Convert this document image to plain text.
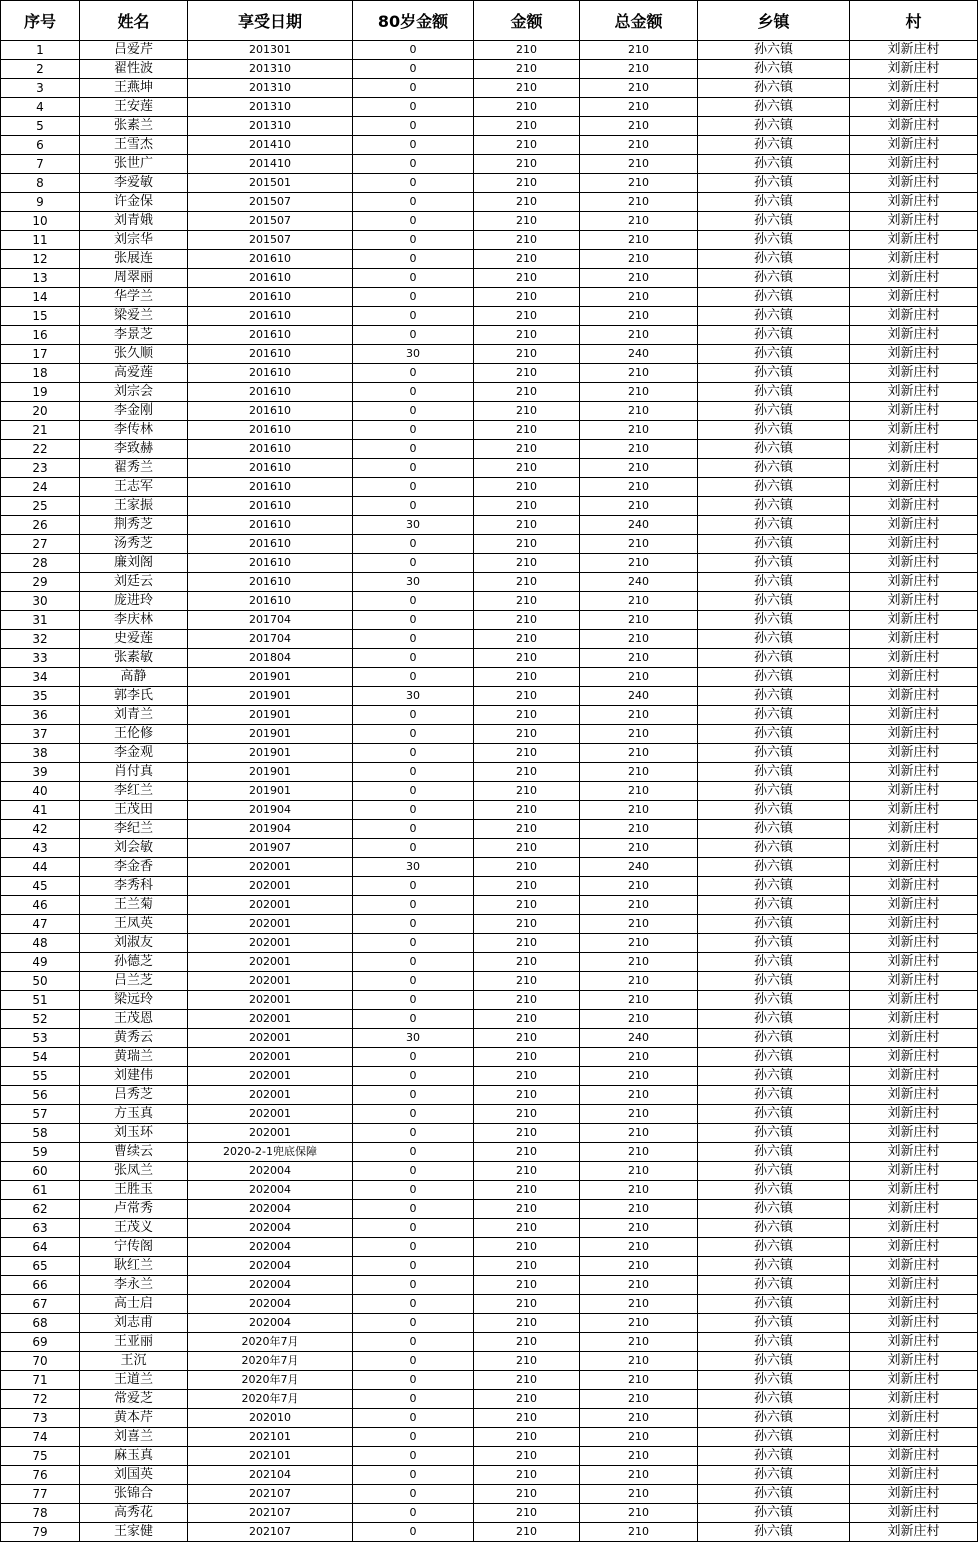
序号	姓名	享受日期	80岁金额	金额	总金额	乡镇	村
1	吕爱芹	201301	0	210	210	孙六镇	刘新庄村
2	翟性波	201310	0	210	210	孙六镇	刘新庄村
3	王燕坤	201310	0	210	210	孙六镇	刘新庄村
4	王安莲	201310	0	210	210	孙六镇	刘新庄村
5	张素兰	201310	0	210	210	孙六镇	刘新庄村
6	王雪杰	201410	0	210	210	孙六镇	刘新庄村
7	张世广	201410	0	210	210	孙六镇	刘新庄村
8	李爱敏	201501	0	210	210	孙六镇	刘新庄村
9	许金保	201507	0	210	210	孙六镇	刘新庄村
10	刘青娥	201507	0	210	210	孙六镇	刘新庄村
11	刘宗华	201507	0	210	210	孙六镇	刘新庄村
12	张展连	201610	0	210	210	孙六镇	刘新庄村
13	周翠丽	201610	0	210	210	孙六镇	刘新庄村
14	华学兰	201610	0	210	210	孙六镇	刘新庄村
15	梁爱兰	201610	0	210	210	孙六镇	刘新庄村
16	李景芝	201610	0	210	210	孙六镇	刘新庄村
17	张久顺	201610	30	210	240	孙六镇	刘新庄村
18	高爱莲	201610	0	210	210	孙六镇	刘新庄村
19	刘宗会	201610	0	210	210	孙六镇	刘新庄村
20	李金刚	201610	0	210	210	孙六镇	刘新庄村
21	李传林	201610	0	210	210	孙六镇	刘新庄村
22	李致赫	201610	0	210	210	孙六镇	刘新庄村
23	翟秀兰	201610	0	210	210	孙六镇	刘新庄村
24	王志军	201610	0	210	210	孙六镇	刘新庄村
25	王家振	201610	0	210	210	孙六镇	刘新庄村
26	荆秀芝	201610	30	210	240	孙六镇	刘新庄村
27	汤秀芝	201610	0	210	210	孙六镇	刘新庄村
28	廉刘阁	201610	0	210	210	孙六镇	刘新庄村
29	刘廷云	201610	30	210	240	孙六镇	刘新庄村
30	庞进玲	201610	0	210	210	孙六镇	刘新庄村
31	李庆林	201704	0	210	210	孙六镇	刘新庄村
32	史爱莲	201704	0	210	210	孙六镇	刘新庄村
33	张素敏	201804	0	210	210	孙六镇	刘新庄村
34	高静	201901	0	210	210	孙六镇	刘新庄村
35	郭李氏	201901	30	210	240	孙六镇	刘新庄村
36	刘青兰	201901	0	210	210	孙六镇	刘新庄村
37	王伦修	201901	0	210	210	孙六镇	刘新庄村
38	李金观	201901	0	210	210	孙六镇	刘新庄村
39	肖付真	201901	0	210	210	孙六镇	刘新庄村
40	李红兰	201901	0	210	210	孙六镇	刘新庄村
41	王茂田	201904	0	210	210	孙六镇	刘新庄村
42	李纪兰	201904	0	210	210	孙六镇	刘新庄村
43	刘会敏	201907	0	210	210	孙六镇	刘新庄村
44	李金香	202001	30	210	240	孙六镇	刘新庄村
45	李秀科	202001	0	210	210	孙六镇	刘新庄村
46	王兰菊	202001	0	210	210	孙六镇	刘新庄村
47	王凤英	202001	0	210	210	孙六镇	刘新庄村
48	刘淑友	202001	0	210	210	孙六镇	刘新庄村
49	孙德芝	202001	0	210	210	孙六镇	刘新庄村
50	吕兰芝	202001	0	210	210	孙六镇	刘新庄村
51	梁远玲	202001	0	210	210	孙六镇	刘新庄村
52	王茂恩	202001	0	210	210	孙六镇	刘新庄村
53	黄秀云	202001	30	210	240	孙六镇	刘新庄村
54	黄瑞兰	202001	0	210	210	孙六镇	刘新庄村
55	刘建伟	202001	0	210	210	孙六镇	刘新庄村
56	吕秀芝	202001	0	210	210	孙六镇	刘新庄村
57	方玉真	202001	0	210	210	孙六镇	刘新庄村
58	刘玉环	202001	0	210	210	孙六镇	刘新庄村
59	曹续云	2020-2-1兜底保障	0	210	210	孙六镇	刘新庄村
60	张凤兰	202004	0	210	210	孙六镇	刘新庄村
61	王胜玉	202004	0	210	210	孙六镇	刘新庄村
62	卢常秀	202004	0	210	210	孙六镇	刘新庄村
63	王茂义	202004	0	210	210	孙六镇	刘新庄村
64	宁传阁	202004	0	210	210	孙六镇	刘新庄村
65	耿红兰	202004	0	210	210	孙六镇	刘新庄村
66	李永兰	202004	0	210	210	孙六镇	刘新庄村
67	高士启	202004	0	210	210	孙六镇	刘新庄村
68	刘志甫	202004	0	210	210	孙六镇	刘新庄村
69	王亚丽	2020年7月	0	210	210	孙六镇	刘新庄村
70	王沉	2020年7月	0	210	210	孙六镇	刘新庄村
71	王道兰	2020年7月	0	210	210	孙六镇	刘新庄村
72	常爱芝	2020年7月	0	210	210	孙六镇	刘新庄村
73	黄本芹	202010	0	210	210	孙六镇	刘新庄村
74	刘喜兰	202101	0	210	210	孙六镇	刘新庄村
75	麻玉真	202101	0	210	210	孙六镇	刘新庄村
76	刘国英	202104	0	210	210	孙六镇	刘新庄村
77	张锦合	202107	0	210	210	孙六镇	刘新庄村
78	高秀花	202107	0	210	210	孙六镇	刘新庄村
79	王家健	202107	0	210	210	孙六镇	刘新庄村
